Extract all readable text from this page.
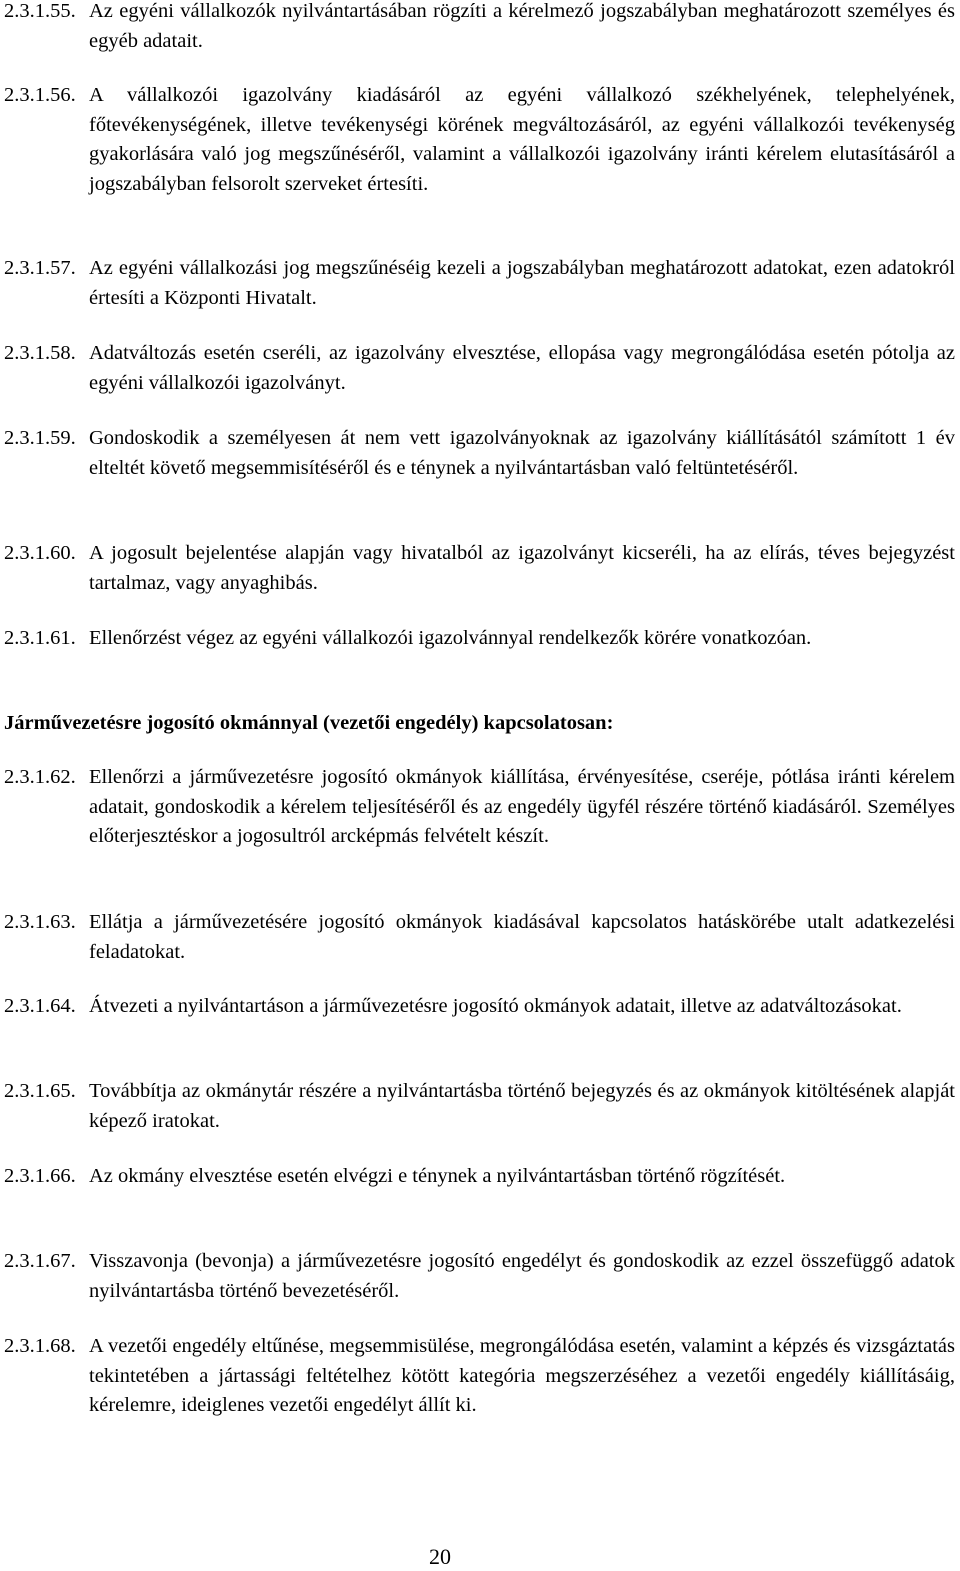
2.3.1.55. Az egyéni vállalkozók nyilvántartásában rögzíti a kérelmező jogszabályban meghatározott személyes és egyéb adatait.
2.3.1.56. A vállalkozói igazolvány kiadásáról az egyéni vállalkozó székhelyének, telephelyének, főtevékenységének, illetve tevékenységi körének megváltozásáról, az egyéni vállalkozói tevékenység gyakorlására való jog megszűnéséről, valamint a vállalkozói igazolvány iránti kérelem elutasításáról a jogszabályban felsorolt szerveket értesíti.
2.3.1.57. Az egyéni vállalkozási jog megszűnéséig kezeli a jogszabályban meghatározott adatokat, ezen adatokról értesíti a Központi Hivatalt.
2.3.1.58. Adatváltozás esetén cseréli, az igazolvány elvesztése, ellopása vagy megrongálódása esetén pótolja az egyéni vállalkozói igazolványt.
2.3.1.59. Gondoskodik a személyesen át nem vett igazolványoknak az igazolvány kiállításától számított 1 év elteltét követő megsemmisítéséről és e ténynek a nyilvántartásban való feltüntetéséről.
2.3.1.60. A jogosult bejelentése alapján vagy hivatalból az igazolványt kicseréli, ha az elírás, téves bejegyzést tartalmaz, vagy anyaghibás.
2.3.1.61. Ellenőrzést végez az egyéni vállalkozói igazolvánnyal rendelkezők körére vonatkozóan.
Járművezetésre jogosító okmánnyal (vezetői engedély) kapcsolatosan:
2.3.1.62. Ellenőrzi a járművezetésre jogosító okmányok kiállítása, érvényesítése, cseréje, pótlása iránti kérelem adatait, gondoskodik a kérelem teljesítéséről és az engedély ügyfél részére történő kiadásáról. Személyes előterjesztéskor a jogosultról arcképmás felvételt készít.
2.3.1.63. Ellátja a járművezetésére jogosító okmányok kiadásával kapcsolatos hatáskörébe utalt adatkezelési feladatokat.
2.3.1.64. Átvezeti a nyilvántartáson a járművezetésre jogosító okmányok adatait, illetve az adatváltozásokat.
2.3.1.65. Továbbítja az okmánytár részére a nyilvántartásba történő bejegyzés és az okmányok kitöltésének alapját képező iratokat.
2.3.1.66. Az okmány elvesztése esetén elvégzi e ténynek a nyilvántartásban történő rögzítését.
2.3.1.67. Visszavonja (bevonja) a járművezetésre jogosító engedélyt és gondoskodik az ezzel összefüggő adatok nyilvántartásba történő bevezetéséről.
2.3.1.68. A vezetői engedély eltűnése, megsemmisülése, megrongálódása esetén, valamint a képzés és vizsgáztatás tekintetében a jártassági feltételhez kötött kategória megszerzéséhez a vezetői engedély kiállításáig, kérelemre, ideiglenes vezetői engedélyt állít ki.
20
